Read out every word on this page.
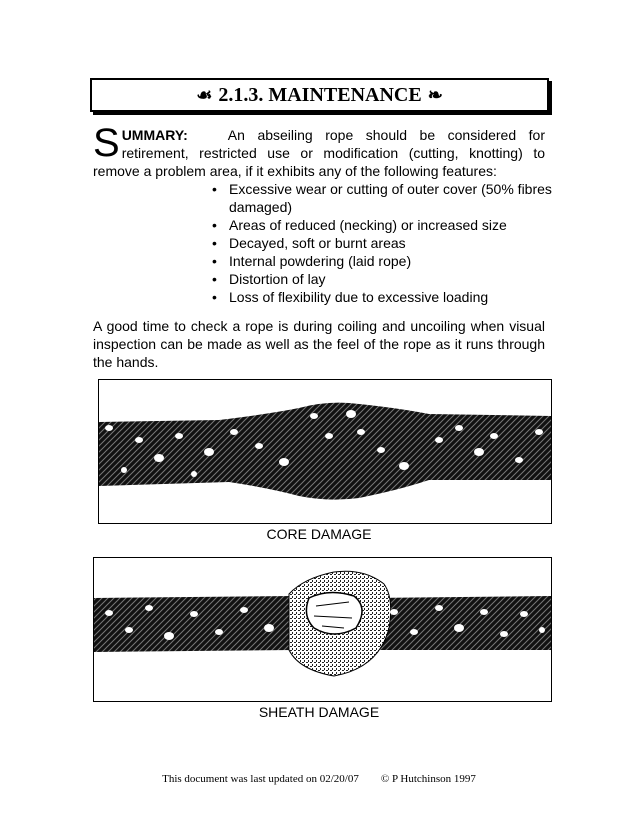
☙ 2.1.3. MAINTENANCE ❧
SUMMARY:	An abseiling rope should be considered for retirement, restricted use or modification (cutting, knotting) to remove a problem area, if it exhibits any of the following features:
• Excessive wear or cutting of outer cover (50% fibres damaged)
• Areas of reduced (necking) or increased size
• Decayed, soft or burnt areas
• Internal powdering (laid rope)
• Distortion of lay
• Loss of flexibility due to excessive loading
A good time to check a rope is during coiling and uncoiling when visual inspection can be made as well as the feel of the rope as it runs through the hands.
CORE DAMAGE
SHEATH DAMAGE
This document was last updated on 02/20/07 © P Hutchinson 1997
